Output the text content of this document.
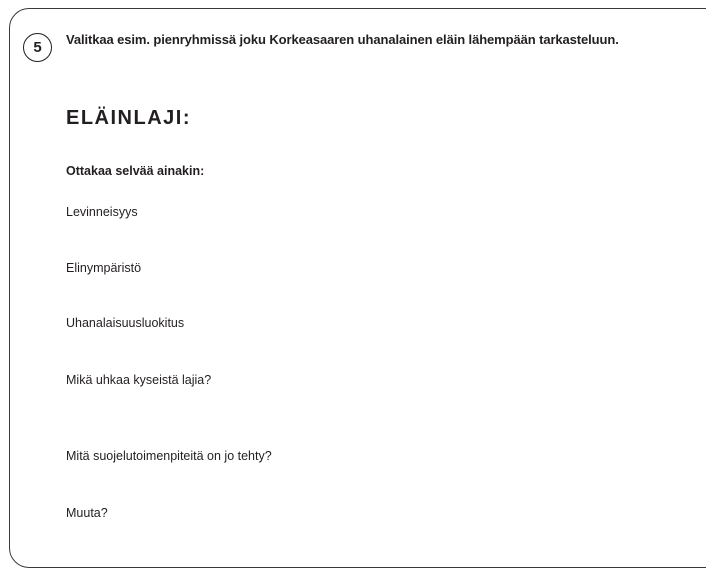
5	Valitkaa esim. pienryhmissä joku Korkeasaaren uhanalainen eläin lähempään tarkasteluun.
ELÄINLAJI:
Ottakaa selvää ainakin:
Levinneisyys
Elinympäristö
Uhanalaisuusluokitus
Mikä uhkaa kyseistä lajia?
Mitä suojelutoimenpiteitä on jo tehty?
Muuta?
